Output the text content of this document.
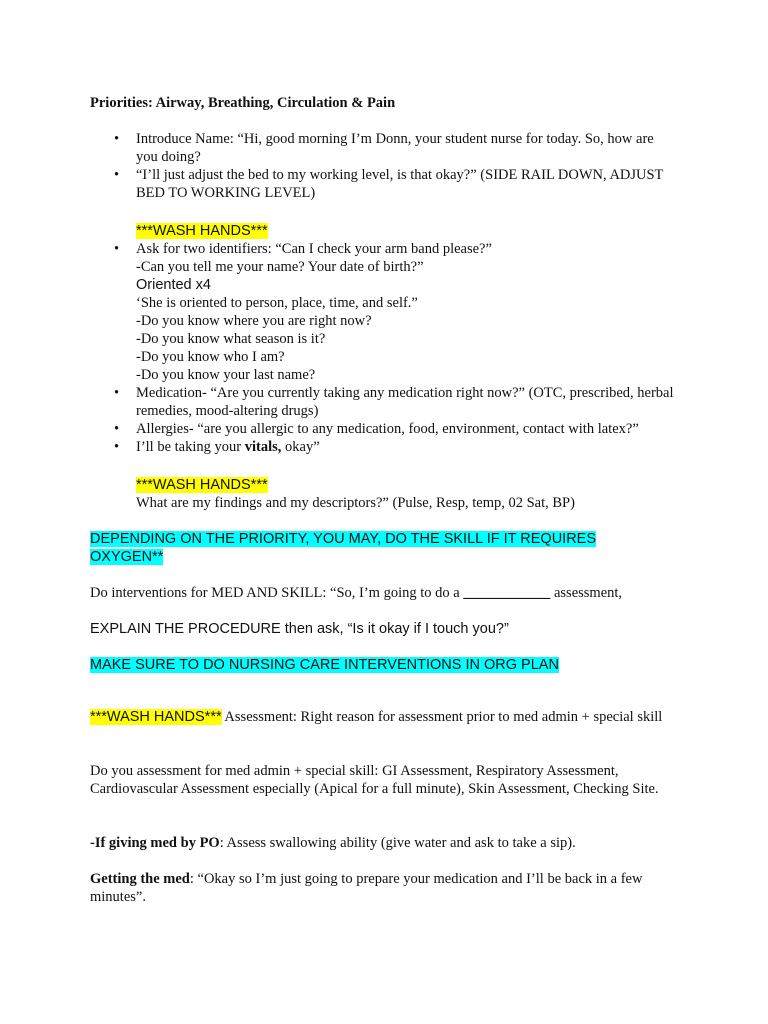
Priorities: Airway, Breathing, Circulation & Pain
• Introduce Name: “Hi, good morning I’m Donn, your student nurse for today. So, how are you doing?
• “I’ll just adjust the bed to my working level, is that okay?” (SIDE RAIL DOWN, ADJUST BED TO WORKING LEVEL)
***WASH HANDS***
• Ask for two identifiers: “Can I check your arm band please?”
-Can you tell me your name? Your date of birth?”
Oriented x4
‘She is oriented to person, place, time, and self.”
-Do you know where you are right now?
-Do you know what season is it?
-Do you know who I am?
-Do you know your last name?
• Medication- “Are you currently taking any medication right now?” (OTC, prescribed, herbal remedies, mood-altering drugs)
• Allergies- “are you allergic to any medication, food, environment, contact with latex?”
• I’ll be taking your vitals, okay”
***WASH HANDS***
What are my findings and my descriptors?” (Pulse, Resp, temp, 02 Sat, BP)
DEPENDING ON THE PRIORITY, YOU MAY, DO THE SKILL IF IT REQUIRES OXYGEN**
Do interventions for MED AND SKILL: “So, I’m going to do a ____________ assessment,
EXPLAIN THE PROCEDURE then ask, “Is it okay if I touch you?”
MAKE SURE TO DO NURSING CARE INTERVENTIONS IN ORG PLAN
***WASH HANDS*** Assessment: Right reason for assessment prior to med admin + special skill
Do you assessment for med admin + special skill: GI Assessment, Respiratory Assessment, Cardiovascular Assessment especially (Apical for a full minute), Skin Assessment, Checking Site.
-If giving med by PO: Assess swallowing ability (give water and ask to take a sip).
Getting the med: “Okay so I’m just going to prepare your medication and I’ll be back in a few minutes”.
